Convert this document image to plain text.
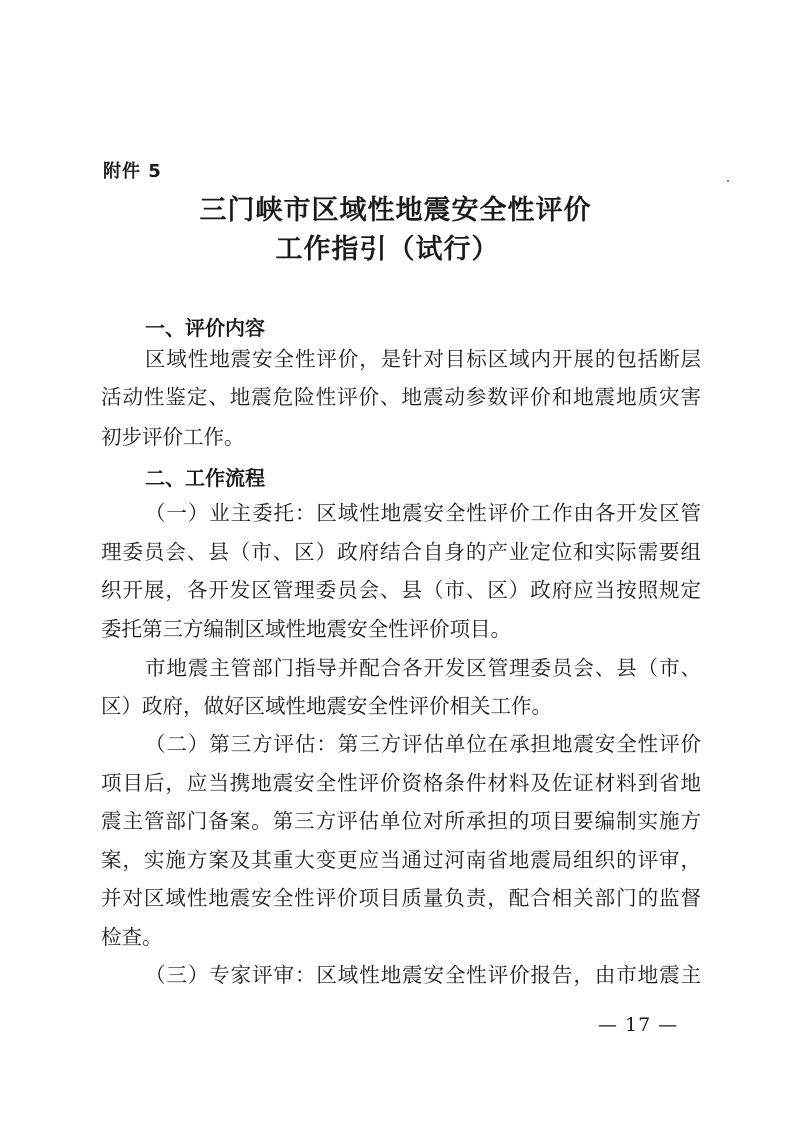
附件 5
三门峡市区域性地震安全性评价
工作指引（试行）
一、评价内容
区域性地震安全性评价，是针对目标区域内开展的包括断层
活动性鉴定、地震危险性评价、地震动参数评价和地震地质灾害
初步评价工作。
二、工作流程
（一）业主委托：区域性地震安全性评价工作由各开发区管
理委员会、县（市、区）政府结合自身的产业定位和实际需要组
织开展，各开发区管理委员会、县（市、区）政府应当按照规定
委托第三方编制区域性地震安全性评价项目。
市地震主管部门指导并配合各开发区管理委员会、县（市、
区）政府，做好区域性地震安全性评价相关工作。
（二）第三方评估：第三方评估单位在承担地震安全性评价
项目后，应当携地震安全性评价资格条件材料及佐证材料到省地
震主管部门备案。第三方评估单位对所承担的项目要编制实施方
案，实施方案及其重大变更应当通过河南省地震局组织的评审，
并对区域性地震安全性评价项目质量负责，配合相关部门的监督
检查。
（三）专家评审：区域性地震安全性评价报告，由市地震主
— 17 —
